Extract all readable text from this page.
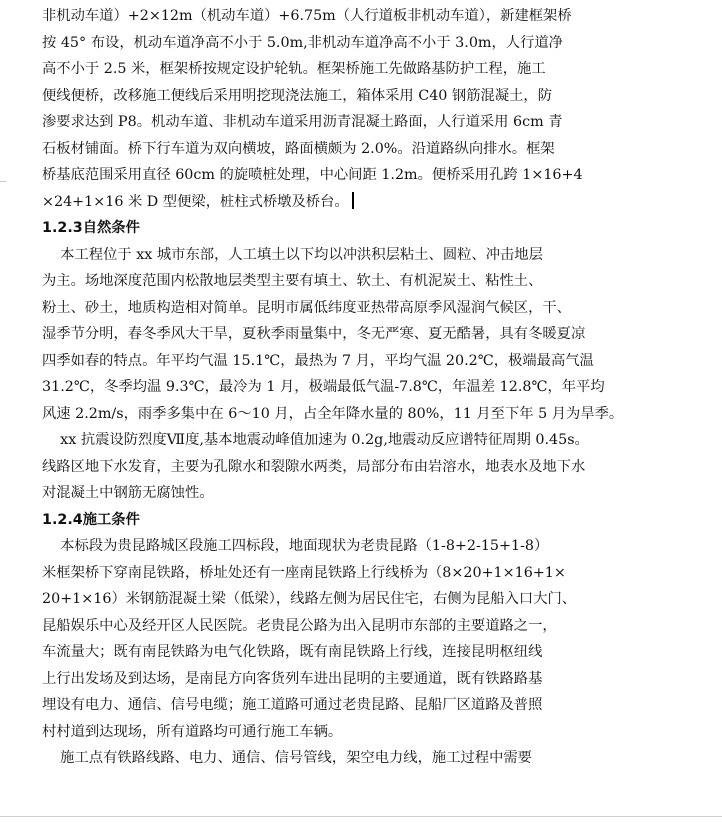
非机动车道）+2×12m（机动车道）+6.75m（人行道板非机动车道），新建框架桥
按 45° 布设，机动车道净高不小于 5.0m,非机动车道净高不小于 3.0m，人行道净
高不小于 2.5 米，框架桥按规定设护轮轨。框架桥施工先做路基防护工程，施工
便线便桥，改移施工便线后采用明挖现浇法施工，箱体采用 C40 钢筋混凝土，防
渗要求达到 P8。机动车道、非机动车道采用沥青混凝土路面，人行道采用 6cm 青
石板材铺面。桥下行车道为双向横坡，路面横颇为 2.0%。沿道路纵向排水。框架
桥基底范围采用直径 60cm 的旋喷桩处理，中心间距 1.2m。便桥采用孔跨 1×16+4
×24+1×16 米 D 型便梁，桩柱式桥墩及桥台。
1.2.3自然条件
本工程位于 xx 城市东部，人工填土以下均以冲洪积层粘土、圆粒、冲击地层
为主。场地深度范围内松散地层类型主要有填土、软土、有机泥炭土、粘性土、
粉土、砂土，地质构造相对简单。昆明市属低纬度亚热带高原季风湿润气候区，干、
湿季节分明，春冬季风大干旱，夏秋季雨量集中，冬无严寒、夏无酷暑，具有冬暖夏凉
四季如春的特点。年平均气温 15.1℃，最热为 7 月，平均气温 20.2℃，极端最高气温
31.2℃，冬季均温 9.3℃，最冷为 1 月，极端最低气温-7.8℃，年温差 12.8℃，年平均
风速 2.2m/s，雨季多集中在 6～10 月，占全年降水量的 80%，11 月至下年 5 月为旱季。
xx 抗震设防烈度Ⅶ度,基本地震动峰值加速为 0.2g,地震动反应谱特征周期 0.45s。
线路区地下水发育，主要为孔隙水和裂隙水两类，局部分布由岩溶水，地表水及地下水
对混凝土中钢筋无腐蚀性。
1.2.4施工条件
本标段为贵昆路城区段施工四标段，地面现状为老贵昆路（1-8+2-15+1-8）
米框架桥下穿南昆铁路，桥址处还有一座南昆铁路上行线桥为（8×20+1×16+1×
20+1×16）米钢筋混凝土梁（低梁），线路左侧为居民住宅，右侧为昆船入口大门、
昆船娱乐中心及经开区人民医院。老贵昆公路为出入昆明市东部的主要道路之一，
车流量大；既有南昆铁路为电气化铁路，既有南昆铁路上行线，连接昆明枢纽线
上行出发场及到达场，是南昆方向客货列车进出昆明的主要通道，既有铁路路基
埋设有电力、通信、信号电缆；施工道路可通过老贵昆路、昆船厂区道路及普照
村村道到达现场，所有道路均可通行施工车辆。
施工点有铁路线路、电力、通信、信号管线，架空电力线，施工过程中需要
